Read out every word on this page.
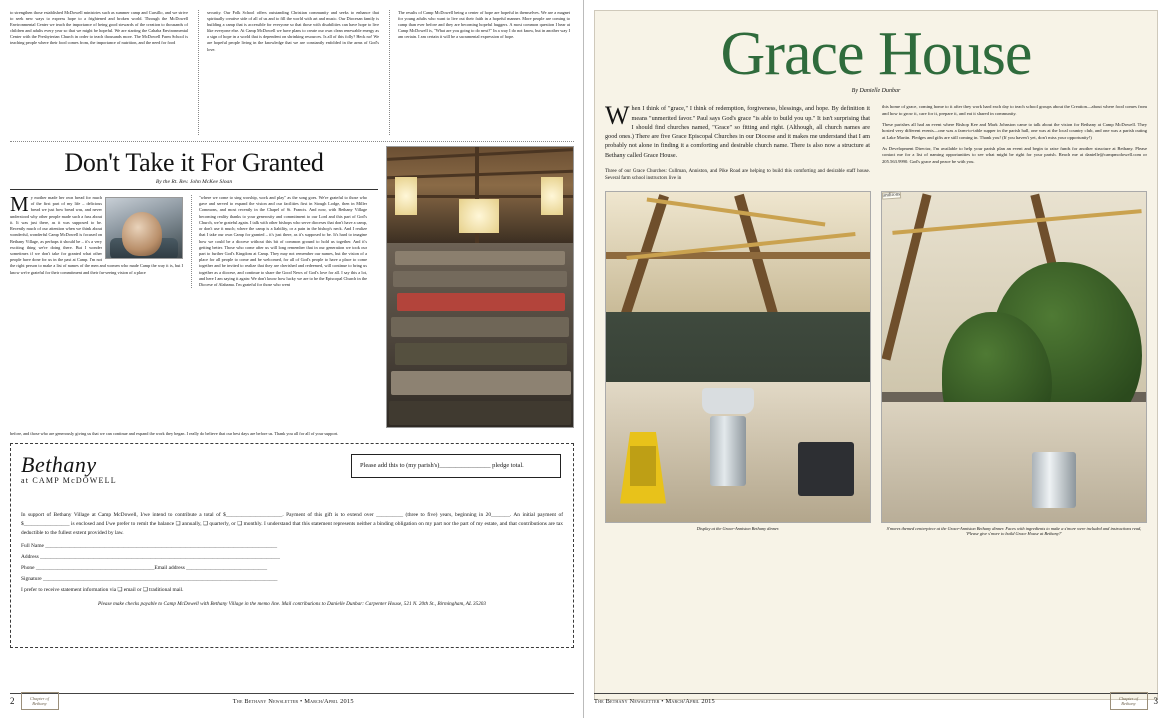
to strengthen those established McDowell ministries such as summer camp and Cursillo, and we strive to seek new ways to express hope to a frightened and broken world. Through the McDowell Environmental Center we teach the importance of being good stewards of the creation to thousands of children and adults every year so that we might be hopeful. We are starting the Cahaba Environmental Center with the Presbyterian Church in order to teach thousands more. The McDowell Farm School is teaching people where their food comes from, the importance of nutrition, and the need for food
security. Our Folk School offers outstanding Christian community and seeks to enhance that spiritually creative side of all of us and to fill the world with art and music. Our Diocesan family is building a camp that is accessible for everyone so that those with disabilities can have hope to live like everyone else. At Camp McDowell we have plans to create our own clean renewable energy as a sign of hope in a world that is dependent on shrinking resources. Is all of this folly? Heck no! We are hopeful people living in the knowledge that we are constantly enfolded in the arms of God's love.
The results of Camp McDowell being a center of hope are hopeful in themselves. We are a magnet for young adults who want to live out their faith in a hopeful manner. More people are coming to camp than ever before and they are becoming hopeful huggers. A most common question I hear at Camp McDowell is, "What are you going to do next?" In a way I do not know, but in another way I am certain. I am certain it will be a sacramental expression of hope.
Don't Take it For Granted
By the Rt. Rev. John McKee Sloan
M y mother made her own bread for much of the first part of my life – delicious bread we just how bread was, and never understood why other people made such a fuss about it. It was just there, as it was supposed to be. Recently much of our attention when we think about wonderful, wonderful Camp McDowell is focused on Bethany Village, as perhaps it should be – it's a very exciting thing we're doing there. But I wonder sometimes if we don't take for granted what other people have done for us in the past at Camp. I'm not the right person to make a list of names of the men and women who made Camp the way it is, but I know we're grateful for their commitment and their far-seeing vision of a place
"where we come to sing worship, work and play" as the song goes. We're grateful to those who gave and served to expand the vision and our facilities first in Stough Lodge, then in Miller Commons, and most recently in the Chapel of St. Francis. And now, with Bethany Village becoming reality thanks to your generosity and commitment to our Lord and this part of God's Church, we're grateful again. I talk with other bishops who serve dioceses that don't have a camp, or don't use it much; where the camp is a liability, or a pain in the bishop's neck. And I realize that I take our own Camp for granted – it's just there, as it's supposed to be. It's hard to imagine how we could be a diocese without this bit of common ground to hold us together. And it's getting better. Those who come after us will long remember that in our generation we took our part to further God's Kingdom at Camp. They may not remember our names, but the vision of a place for all people to come and be welcomed, for all of God's people to have a place to come together and be invited to realize that they are cherished and redeemed, will continue to bring us together as a diocese, and continue to share the Good News of God's love for all. I say this a lot, and here I am saying it again: We don't know how lucky we are to be the Episcopal Church in the Diocese of Alabama. I'm grateful for those who went
before, and those who are generously giving us that we can continue and expand the work they began. I really do believe that our best days are before us. Thank you all for all of your support.
Bethany
at CAMP McDOWELL
Please add this to (my parish's)________________ pledge total.
In support of Bethany Village at Camp McDowell, I/we intend to contribute a total of $_____________________. Payment of this gift is to extend over __________ (three to five) years, beginning in 20_______. An initial payment of $_________________ is enclosed and I/we prefer to remit the balance ❑ annually, ❑ quarterly, or ❑ monthly. I understand that this statement represents neither a binding obligation on my part nor the part of my estate, and that contributions are tax deductible to the fullest extent provided by law.
Full Name ______________________________________________________________________________________
Address _________________________________________________________________________________________
Phone ____________________________________________Email address ______________________________
Signature _______________________________________________________________________________________
I prefer to receive statement information via ❑ email or ❑ traditional mail.
Please make checks payable to Camp McDowell with Bethany Village in the memo line. Mail contributions to Danielle Dunbar: Carpenter House, 521 N. 20th St., Birmingham, AL 35203
2	Chapter of
Bethany	The Bethany Newsletter • March/April 2015
Grace House
By Danielle Dunbar
W hen I think of "grace," I think of redemption, forgiveness, blessings, and hope. By definition it means "unmerited favor." Paul says God's grace "is able to build you up." It isn't surprising that I should find churches named, "Grace" so fitting and right. (Although, all church names are good ones.) There are five Grace Episcopal Churches in our Diocese and it makes me understand that I am probably not alone in finding it a comforting and desirable church name. There is also now a structure at Bethany called Grace House.
Three of our Grace Churches: Cullman, Anniston, and Pike Road are helping to build this comforting and desirable staff house. Several farm school instructors live in
this home of grace, coming home to it after they work hard each day to teach school groups about the Creation—about where food comes from and how to grow it, care for it, prepare it, and eat it shared in community.
These parishes all had an event where Bishop Kee and Mark Johnston came to talk about the vision for Bethany at Camp McDowell. They hosted very different events—one was a farm-to-table supper in the parish hall, one was at the local country club, and one was a parish outing at Lake Martin. Pledges and gifts are still coming in. Thank you! (If you haven't yet, don't miss your opportunity!)
As Development Director, I'm available to help your parish plan an event and begin to raise funds for another structure at Bethany. Please contact me for a list of naming opportunities to see what might be right for your parish. Reach me at danielle@campmcdowell.com or 205.563.9990. God's grace and peace be with you.
andirons
Display at the Grace-Anniston Bethany dinner.	S'mores themed centerpiece at the Grace-Anniston Bethany dinner. Faces with ingredients to make a s'more were included and instructions read, 'Please give s'more to build Grace House at Bethany?'
The Bethany Newsletter • March/April 2015	Chapter of
Bethany 3
